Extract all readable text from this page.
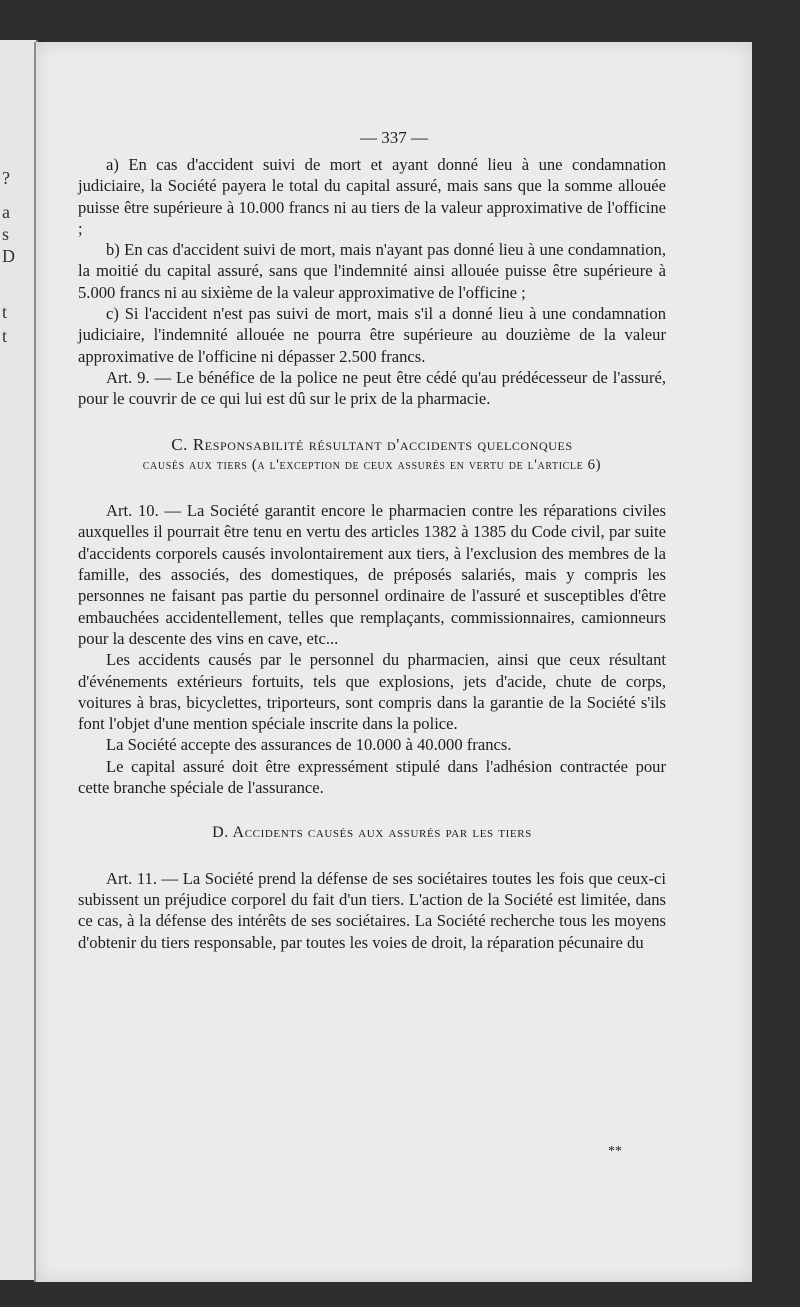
?
a
s
D
t
t
— 337 —

a) En cas d'accident suivi de mort et ayant donné lieu à une condamnation judiciaire, la Société payera le total du capital assuré, mais sans que la somme allouée puisse être supérieure à 10.000 francs ni au tiers de la valeur approximative de l'officine ;

b) En cas d'accident suivi de mort, mais n'ayant pas donné lieu à une condamnation, la moitié du capital assuré, sans que l'indemnité ainsi allouée puisse être supérieure à 5.000 francs ni au sixième de la valeur approximative de l'officine ;

c) Si l'accident n'est pas suivi de mort, mais s'il a donné lieu à une condamnation judiciaire, l'indemnité allouée ne pourra être supérieure au douzième de la valeur approximative de l'officine ni dépasser 2.500 francs.

Art. 9. — Le bénéfice de la police ne peut être cédé qu'au prédécesseur de l'assuré, pour le couvrir de ce qui lui est dû sur le prix de la pharmacie.

C. Responsabilité résultant d'accidents quelconques

causés aux tiers (a l'exception de ceux assurés en vertu de l'article 6)

Art. 10. — La Société garantit encore le pharmacien contre les réparations civiles auxquelles il pourrait être tenu en vertu des articles 1382 à 1385 du Code civil, par suite d'accidents corporels causés involontairement aux tiers, à l'exclusion des membres de la famille, des associés, des domestiques, de préposés salariés, mais y compris les personnes ne faisant pas partie du personnel ordinaire de l'assuré et susceptibles d'être embauchées accidentellement, telles que remplaçants, commissionnaires, camionneurs pour la descente des vins en cave, etc...

Les accidents causés par le personnel du pharmacien, ainsi que ceux résultant d'événements extérieurs fortuits, tels que explosions, jets d'acide, chute de corps, voitures à bras, bicyclettes, triporteurs, sont compris dans la garantie de la Société s'ils font l'objet d'une mention spéciale inscrite dans la police.

La Société accepte des assurances de 10.000 à 40.000 francs.

Le capital assuré doit être expressément stipulé dans l'adhésion contractée pour cette branche spéciale de l'assurance.

D. Accidents causés aux assurés par les tiers

Art. 11. — La Société prend la défense de ses sociétaires toutes les fois que ceux-ci subissent un préjudice corporel du fait d'un tiers. L'action de la Société est limitée, dans ce cas, à la défense des intérêts de ses sociétaires. La Société recherche tous les moyens d'obtenir du tiers responsable, par toutes les voies de droit, la réparation pécunaire du

**
